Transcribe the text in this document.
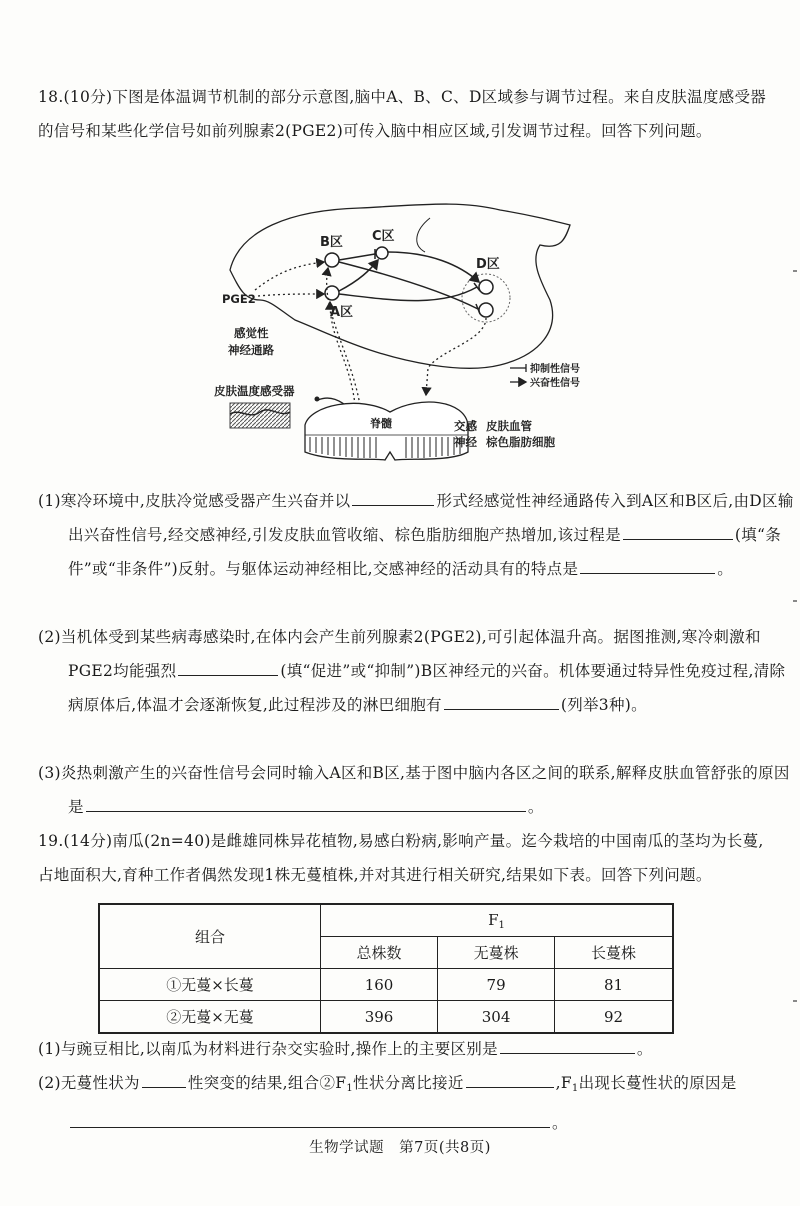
18.(10分)下图是体温调节机制的部分示意图,脑中A、B、C、D区域参与调节过程。来自皮肤温度感受器的信号和某些化学信号如前列腺素2(PGE2)可传入脑中相应区域,引发调节过程。回答下列问题。
B区 C区
D区
A区
PGE2
感觉性
神经通路
皮肤温度感受器
脊髓	交感
神经
皮肤血管
棕色脂肪细胞
抑制性信号
兴奋性信号
(1)寒冷环境中,皮肤冷觉感受器产生兴奋并以	形式经感觉性神经通路传入到A区和B区后,由D区输出兴奋性信号,经交感神经,引发皮肤血管收缩、棕色脂肪细胞产热增加,该过程是	(填“条件”或“非条件”)反射。与躯体运动神经相比,交感神经的活动具有的特点是	。
(2)当机体受到某些病毒感染时,在体内会产生前列腺素2(PGE2),可引起体温升高。据图推测,寒冷刺激和PGE2均能强烈	(填“促进”或“抑制”)B区神经元的兴奋。机体要通过特异性免疫过程,清除病原体后,体温才会逐渐恢复,此过程涉及的淋巴细胞有	(列举3种)。
(3)炎热刺激产生的兴奋性信号会同时输入A区和B区,基于图中脑内各区之间的联系,解释皮肤血管舒张的原因是	。
19.(14分)南瓜(2n=40)是雌雄同株异花植物,易感白粉病,影响产量。迄今栽培的中国南瓜的茎均为长蔓,占地面积大,育种工作者偶然发现1株无蔓植株,并对其进行相关研究,结果如下表。回答下列问题。
组合	$F_1$
	总株数	无蔓株	长蔓株
①无蔓×长蔓	160	79	81
②无蔓×无蔓	396	304	92
(1)与豌豆相比,以南瓜为材料进行杂交实验时,操作上的主要区别是	。
(2)无蔓性状为	性突变的结果,组合②F1性状分离比接近	,F1出现长蔓性状的原因是。
生物学试题　第7页(共8页)
